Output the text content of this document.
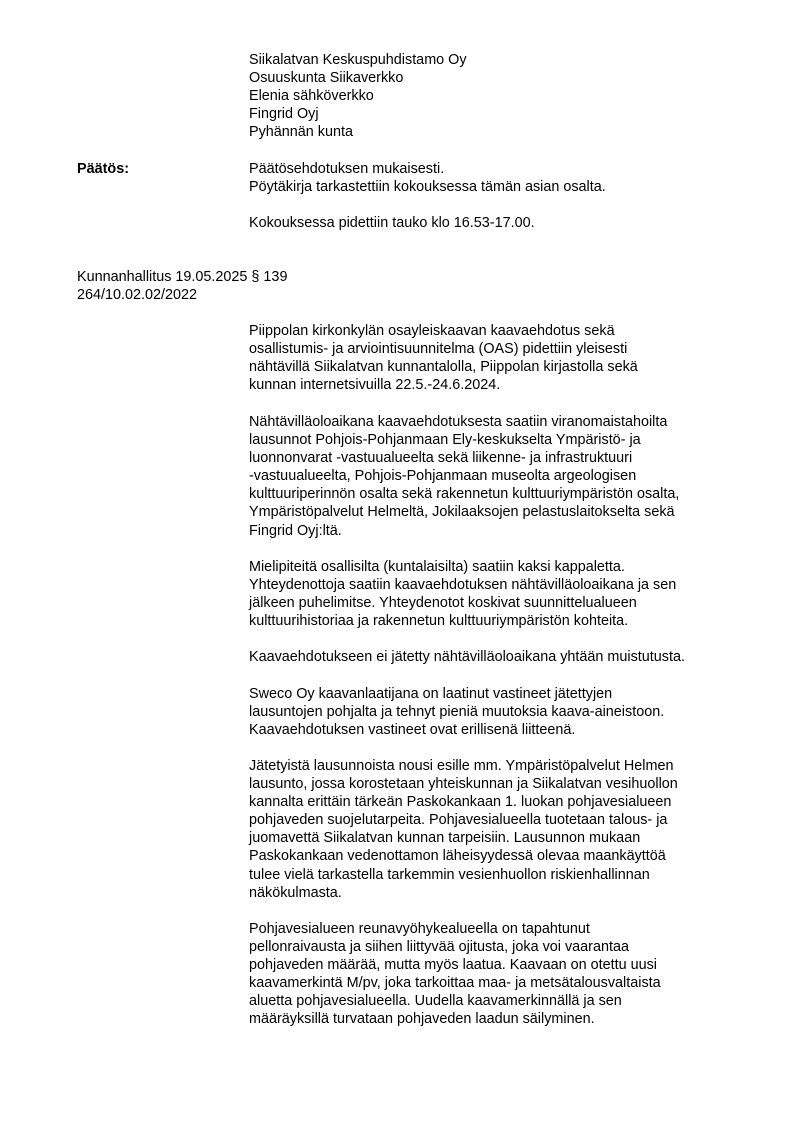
Siikalatvan Keskuspuhdistamo Oy
Osuuskunta Siikaverkko
Elenia sähköverkko
Fingrid Oyj
Pyhännän kunta
Päätös:	Päätösehdotuksen mukaisesti.
Pöytäkirja tarkastettiin kokouksessa tämän asian osalta.
Kokouksessa pidettiin tauko klo 16.53-17.00.
Kunnanhallitus 19.05.2025 § 139
264/10.02.02/2022
Piippolan kirkonkylän osayleiskaavan kaavaehdotus sekä
osallistumis- ja arviointisuunnitelma (OAS) pidettiin yleisesti
nähtävillä Siikalatvan kunnantalolla, Piippolan kirjastolla sekä
kunnan internetsivuilla 22.5.-24.6.2024.
Nähtävilläoloaikana kaavaehdotuksesta saatiin viranomaistahoilta
lausunnot Pohjois-Pohjanmaan Ely-keskukselta Ympäristö- ja
luonnonvarat -vastuualueelta sekä liikenne- ja infrastruktuuri
-vastuualueelta, Pohjois-Pohjanmaan museolta argeologisen
kulttuuriperinnön osalta sekä rakennetun kulttuuriympäristön osalta,
Ympäristöpalvelut Helmeltä, Jokilaaksojen pelastuslaitokselta sekä
Fingrid Oyj:ltä.
Mielipiteitä osallisilta (kuntalaisilta) saatiin kaksi kappaletta.
Yhteydenottoja saatiin kaavaehdotuksen nähtävilläoloaikana ja sen
jälkeen puhelimitse. Yhteydenotot koskivat suunnittelualueen
kulttuurihistoriaa ja rakennetun kulttuuriympäristön kohteita.
Kaavaehdotukseen ei jätetty nähtävilläoloaikana yhtään muistutusta.
Sweco Oy kaavanlaatijana on laatinut vastineet jätettyjen
lausuntojen pohjalta ja tehnyt pieniä muutoksia kaava-aineistoon.
Kaavaehdotuksen vastineet ovat erillisenä liitteenä.
Jätetyistä lausunnoista nousi esille mm. Ympäristöpalvelut Helmen
lausunto, jossa korostetaan yhteiskunnan ja Siikalatvan vesihuollon
kannalta erittäin tärkeän Paskokankaan 1. luokan pohjavesialueen
pohjaveden suojelutarpeita. Pohjavesialueella tuotetaan talous- ja
juomavettä Siikalatvan kunnan tarpeisiin. Lausunnon mukaan
Paskokankaan vedenottamon läheisyydessä olevaa maankäyttöä
tulee vielä tarkastella tarkemmin vesienhuollon riskienhallinnan
näkökulmasta.
Pohjavesialueen reunavyöhykealueella on tapahtunut
pellonraivausta ja siihen liittyvää ojitusta, joka voi vaarantaa
pohjaveden määrää, mutta myös laatua. Kaavaan on otettu uusi
kaavamerkintä M/pv, joka tarkoittaa maa- ja metsätalousvaltaista
aluetta pohjavesialueella. Uudella kaavamerkinnällä ja sen
määräyksillä turvataan pohjaveden laadun säilyminen.
